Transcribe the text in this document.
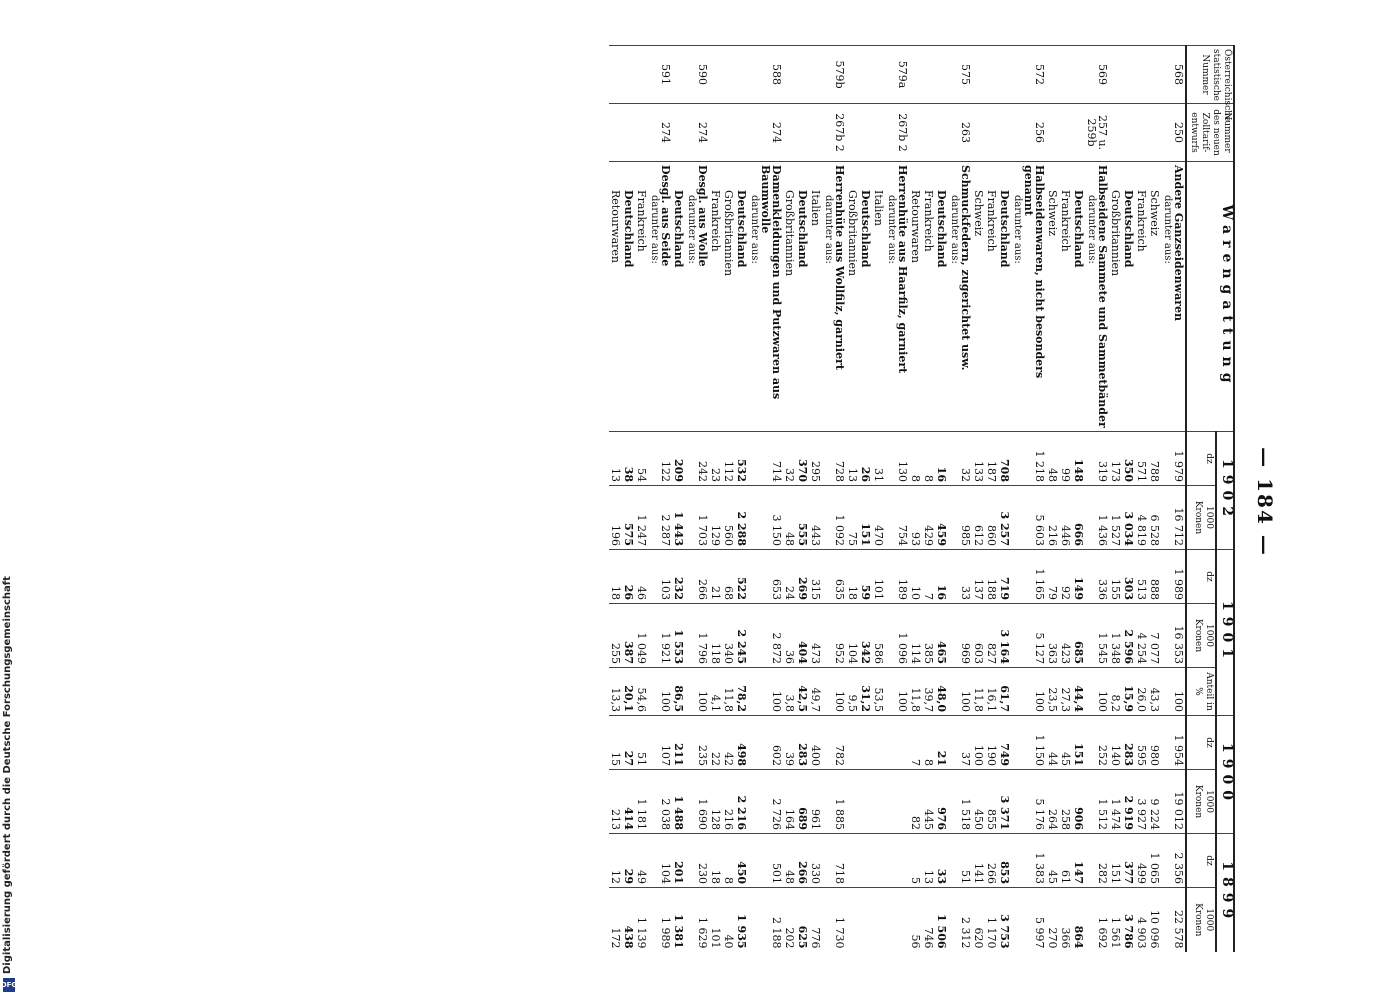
Digitalisierung gefördert durch die Deutsche Forschungsgemeinschaft
DFG
— 184 —
Österreichische statistische Nummer	Nummer des neuen Zolltarif-entwurfs	Warengattung	1902		1901			1900		1899	
			dz	1000 Kronen	dz	1000 Kronen	Anteil in %	dz	1000 Kronen	dz	1000 Kronen
568	250	Andere Ganzseidenwaren
darunter aus:	1 979	16 712	1 989	16 353	100	1 954	19 012	2 356	22 578
		Schweiz	788	6 528	888	7 077	43,3	980	9 224	1 065	10 096
		Frankreich	571	4 819	513	4 254	26,0	595	3 927	499	4 903
		Deutschland	350	3 034	303	2 596	15,9	283	2 919	377	3 786
		Großbritannien	173	1 527	155	1 348	8,2	140	1 474	151	1 561
569	257 u. 259b	Halbseidene Sammete und Sammetbänder
darunter aus:	319	1 436	336	1 545	100	252	1 512	282	1 692
		Deutschland	148	666	149	685	44,4	151	906	147	864
		Frankreich	99	446	92	423	27,3	45	258	61	366
		Schweiz	48	216	79	363	23,5	44	264	45	270
572	256	Halbseidenwaren, nicht besonders genannt
darunter aus:	1 218	5 603	1 165	5 127	100	1 150	5 176	1 383	5 997
		Deutschland	708	3 257	719	3 164	61,7	749	3 371	853	3 753
		Frankreich	187	860	188	827	16,1	190	855	266	1 170
		Schweiz	133	612	137	603	11,8	100	450	141	620
575	263	Schmuckfedern, zugerichtet usw.
darunter aus:	32	985	33	969	100	37	1 518	51	2 312
		Deutschland	16	459	16	465	48,0	21	976	33	1 506
		Frankreich	8	429	7	385	39,7	8	445	13	746
		Retourwaren	8	93	10	114	11,8	7	82	5	56
579a	267b 2	Herrenhüte aus Haarfilz, garniert
darunter aus:	130	754	189	1 096	100				
		Italien	31	470	101	586	53,5				
		Deutschland	26	151	59	342	31,2				
		Großbritannien	13	75	18	104	9,5				
579b	267b 2	Herrenhüte aus Wollfilz, garniert
darunter aus:	728	1 092	635	952	100	782	1 885	718	1 730
		Italien	295	443	315	473	49,7	400	961	330	776
		Deutschland	370	555	269	404	42,5	283	689	266	625
		Großbritannien	32	48	24	36	3,8	39	164	48	202
588	274	Damenkleidungen und Putzwaren aus Baumwolle
darunter aus:	714	3 150	653	2 872	100	602	2 726	501	2 188
		Deutschland	532	2 288	522	2 245	78,2	498	2 216	450	1 935
		Großbritannien	112	560	68	340	11,8	42	216	8	40
		Frankreich	23	129	21	118	4,1	22	128	18	101
590	274	Desgl. aus Wolle
darunter aus:	242	1 703	266	1 796	100	235	1 690	230	1 629
		Deutschland	209	1 443	232	1 553	86,5	211	1 488	201	1 381
591	274	Desgl. aus Seide
darunter aus:	122	2 287	103	1 921	100	107	2 038	104	1 989
		Frankreich	54	1 247	46	1 049	54,6	51	1 181	49	1 139
		Deutschland	38	575	26	387	20,1	27	414	29	438
		Retourwaren	13	196	18	255	13,3	15	213	12	172
